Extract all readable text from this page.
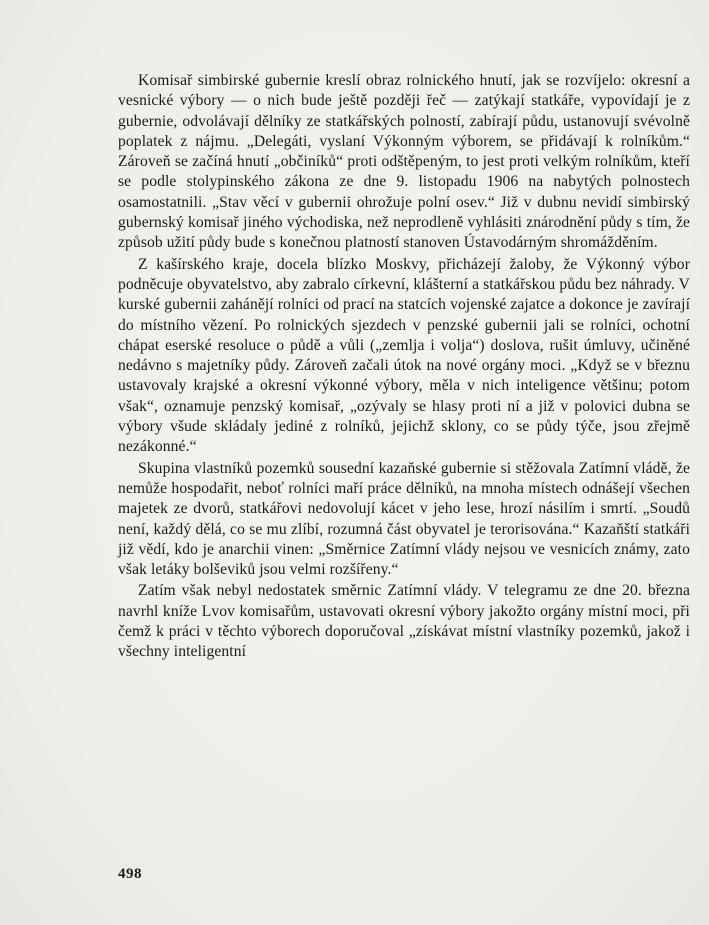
Komisař simbirské gubernie kreslí obraz rolnického hnutí, jak se rozvíjelo: okresní a vesnické výbory — o nich bude ještě později řeč — zatýkají statkáře, vypovídají je z gubernie, odvolávají dělníky ze statkářských polností, zabírají půdu, ustanovují svévolně poplatek z nájmu. „Delegáti, vyslaní Výkonným výborem, se přidávají k rolníkům.“ Zároveň se začíná hnutí „občiníků“ proti odštěpeným, to jest proti velkým rolníkům, kteří se podle stolypinského zákona ze dne 9. listopadu 1906 na nabytých polnostech osamostatnili. „Stav věcí v gubernii ohrožuje polní osev.“ Již v dubnu nevidí simbirský gubernský komisař jiného východiska, než neprodleně vyhlásiti znárodnění půdy s tím, že způsob užití půdy bude s konečnou platností stanoven Ústavodárným shromážděním.

Z kašírského kraje, docela blízko Moskvy, přicházejí žaloby, že Výkonný výbor podněcuje obyvatelstvo, aby zabralo církevní, klášterní a statkářskou půdu bez náhrady. V kurské gubernii zahánějí rolníci od prací na statcích vojenské zajatce a dokonce je zavírají do místního vězení. Po rolnických sjezdech v penzské gubernii jali se rolníci, ochotní chápat eserské resoluce o půdě a vůli („zemlja i volja“) doslova, rušit úmluvy, učiněné nedávno s majetníky půdy. Zároveň začali útok na nové orgány moci. „Když se v březnu ustavovaly krajské a okresní výkonné výbory, měla v nich inteligence většinu; potom však“, oznamuje penzský komisař, „ozývaly se hlasy proti ní a již v polovici dubna se výbory všude skládaly jediné z rolníků, jejichž sklony, co se půdy týče, jsou zřejmě nezákonné.“

Skupina vlastníků pozemků sousední kazaňské gubernie si stěžovala Zatímní vládě, že nemůže hospodařit, neboť rolníci maří práce dělníků, na mnoha místech odnášejí všechen majetek ze dvorů, statkářovi nedovolují kácet v jeho lese, hrozí násilím i smrtí. „Soudů není, každý dělá, co se mu zlíbí, rozumná část obyvatel je terorisována.“ Kazaňští statkáři již vědí, kdo je anarchii vinen: „Směrnice Zatímní vlády nejsou ve vesnicích známy, zato však letáky bolševiků jsou velmi rozšířeny.“

Zatím však nebyl nedostatek směrnic Zatímní vlády. V telegramu ze dne 20. března navrhl kníže Lvov komisařům, ustavovati okresní výbory jakožto orgány místní moci, při čemž k práci v těchto výborech doporučoval „získávat místní vlastníky pozemků, jakož i všechny inteligentní

498
